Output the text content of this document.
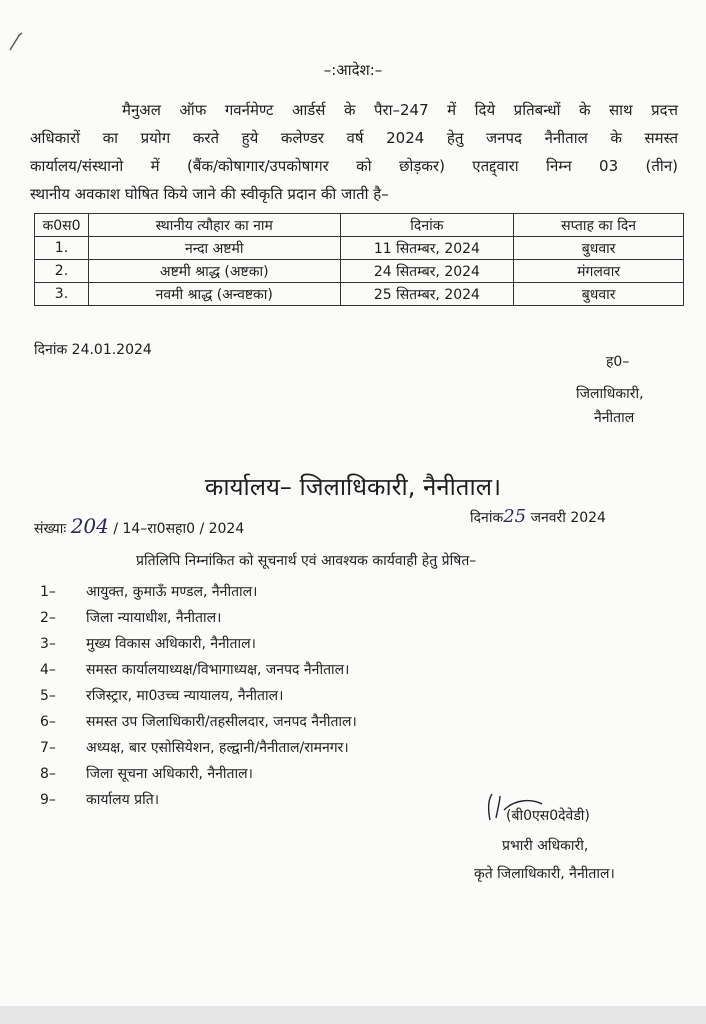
–:आदेश:–
मैनुअल ऑफ गवर्नमेण्ट आर्डर्स के पैरा–247 में दिये प्रतिबन्धों के साथ प्रदत्त
अधिकारों का प्रयोग करते हुये कलेण्डर वर्ष 2024 हेतु जनपद नैनीताल के समस्त
कार्यालय/संस्थानो में (बैंक/कोषागार/उपकोषागर को छोड़कर) एतद्द्वारा निम्न 03 (तीन)
स्थानीय अवकाश घोषित किये जाने की स्वीकृति प्रदान की जाती है–
क0स0	स्थानीय त्यौहार का नाम	दिनांक	सप्ताह का दिन
1.	नन्दा अष्टमी	11 सितम्बर, 2024	बुधवार
2.	अष्टमी श्राद्ध (अष्टका)	24 सितम्बर, 2024	मंगलवार
3.	नवमी श्राद्ध (अन्वष्टका)	25 सितम्बर, 2024	बुधवार
दिनांक 24.01.2024
ह0–
जिलाधिकारी,
नैनीताल
कार्यालय– जिलाधिकारी, नैनीताल।
संख्याः 204 / 14–रा0सहा0 / 2024
दिनांक25 जनवरी 2024
प्रतिलिपि निम्नांकित को सूचनार्थ एवं आवश्यक कार्यवाही हेतु प्रेषित–
1– आयुक्त, कुमाऊँ मण्डल, नैनीताल।
2– जिला न्यायाधीश, नैनीताल।
3– मुख्य विकास अधिकारी, नैनीताल।
4– समस्त कार्यालयाध्यक्ष/विभागाध्यक्ष, जनपद नैनीताल।
5– रजिस्ट्रार, मा0उच्च न्यायालय, नैनीताल।
6– समस्त उप जिलाधिकारी/तहसीलदार, जनपद नैनीताल।
7– अध्यक्ष, बार एसोसियेशन, हल्द्वानी/नैनीताल/रामनगर।
8– जिला सूचना अधिकारी, नैनीताल।
9– कार्यालय प्रति।
(बी0एस0देवेडी)
प्रभारी अधिकारी,
कृते जिलाधिकारी, नैनीताल।
